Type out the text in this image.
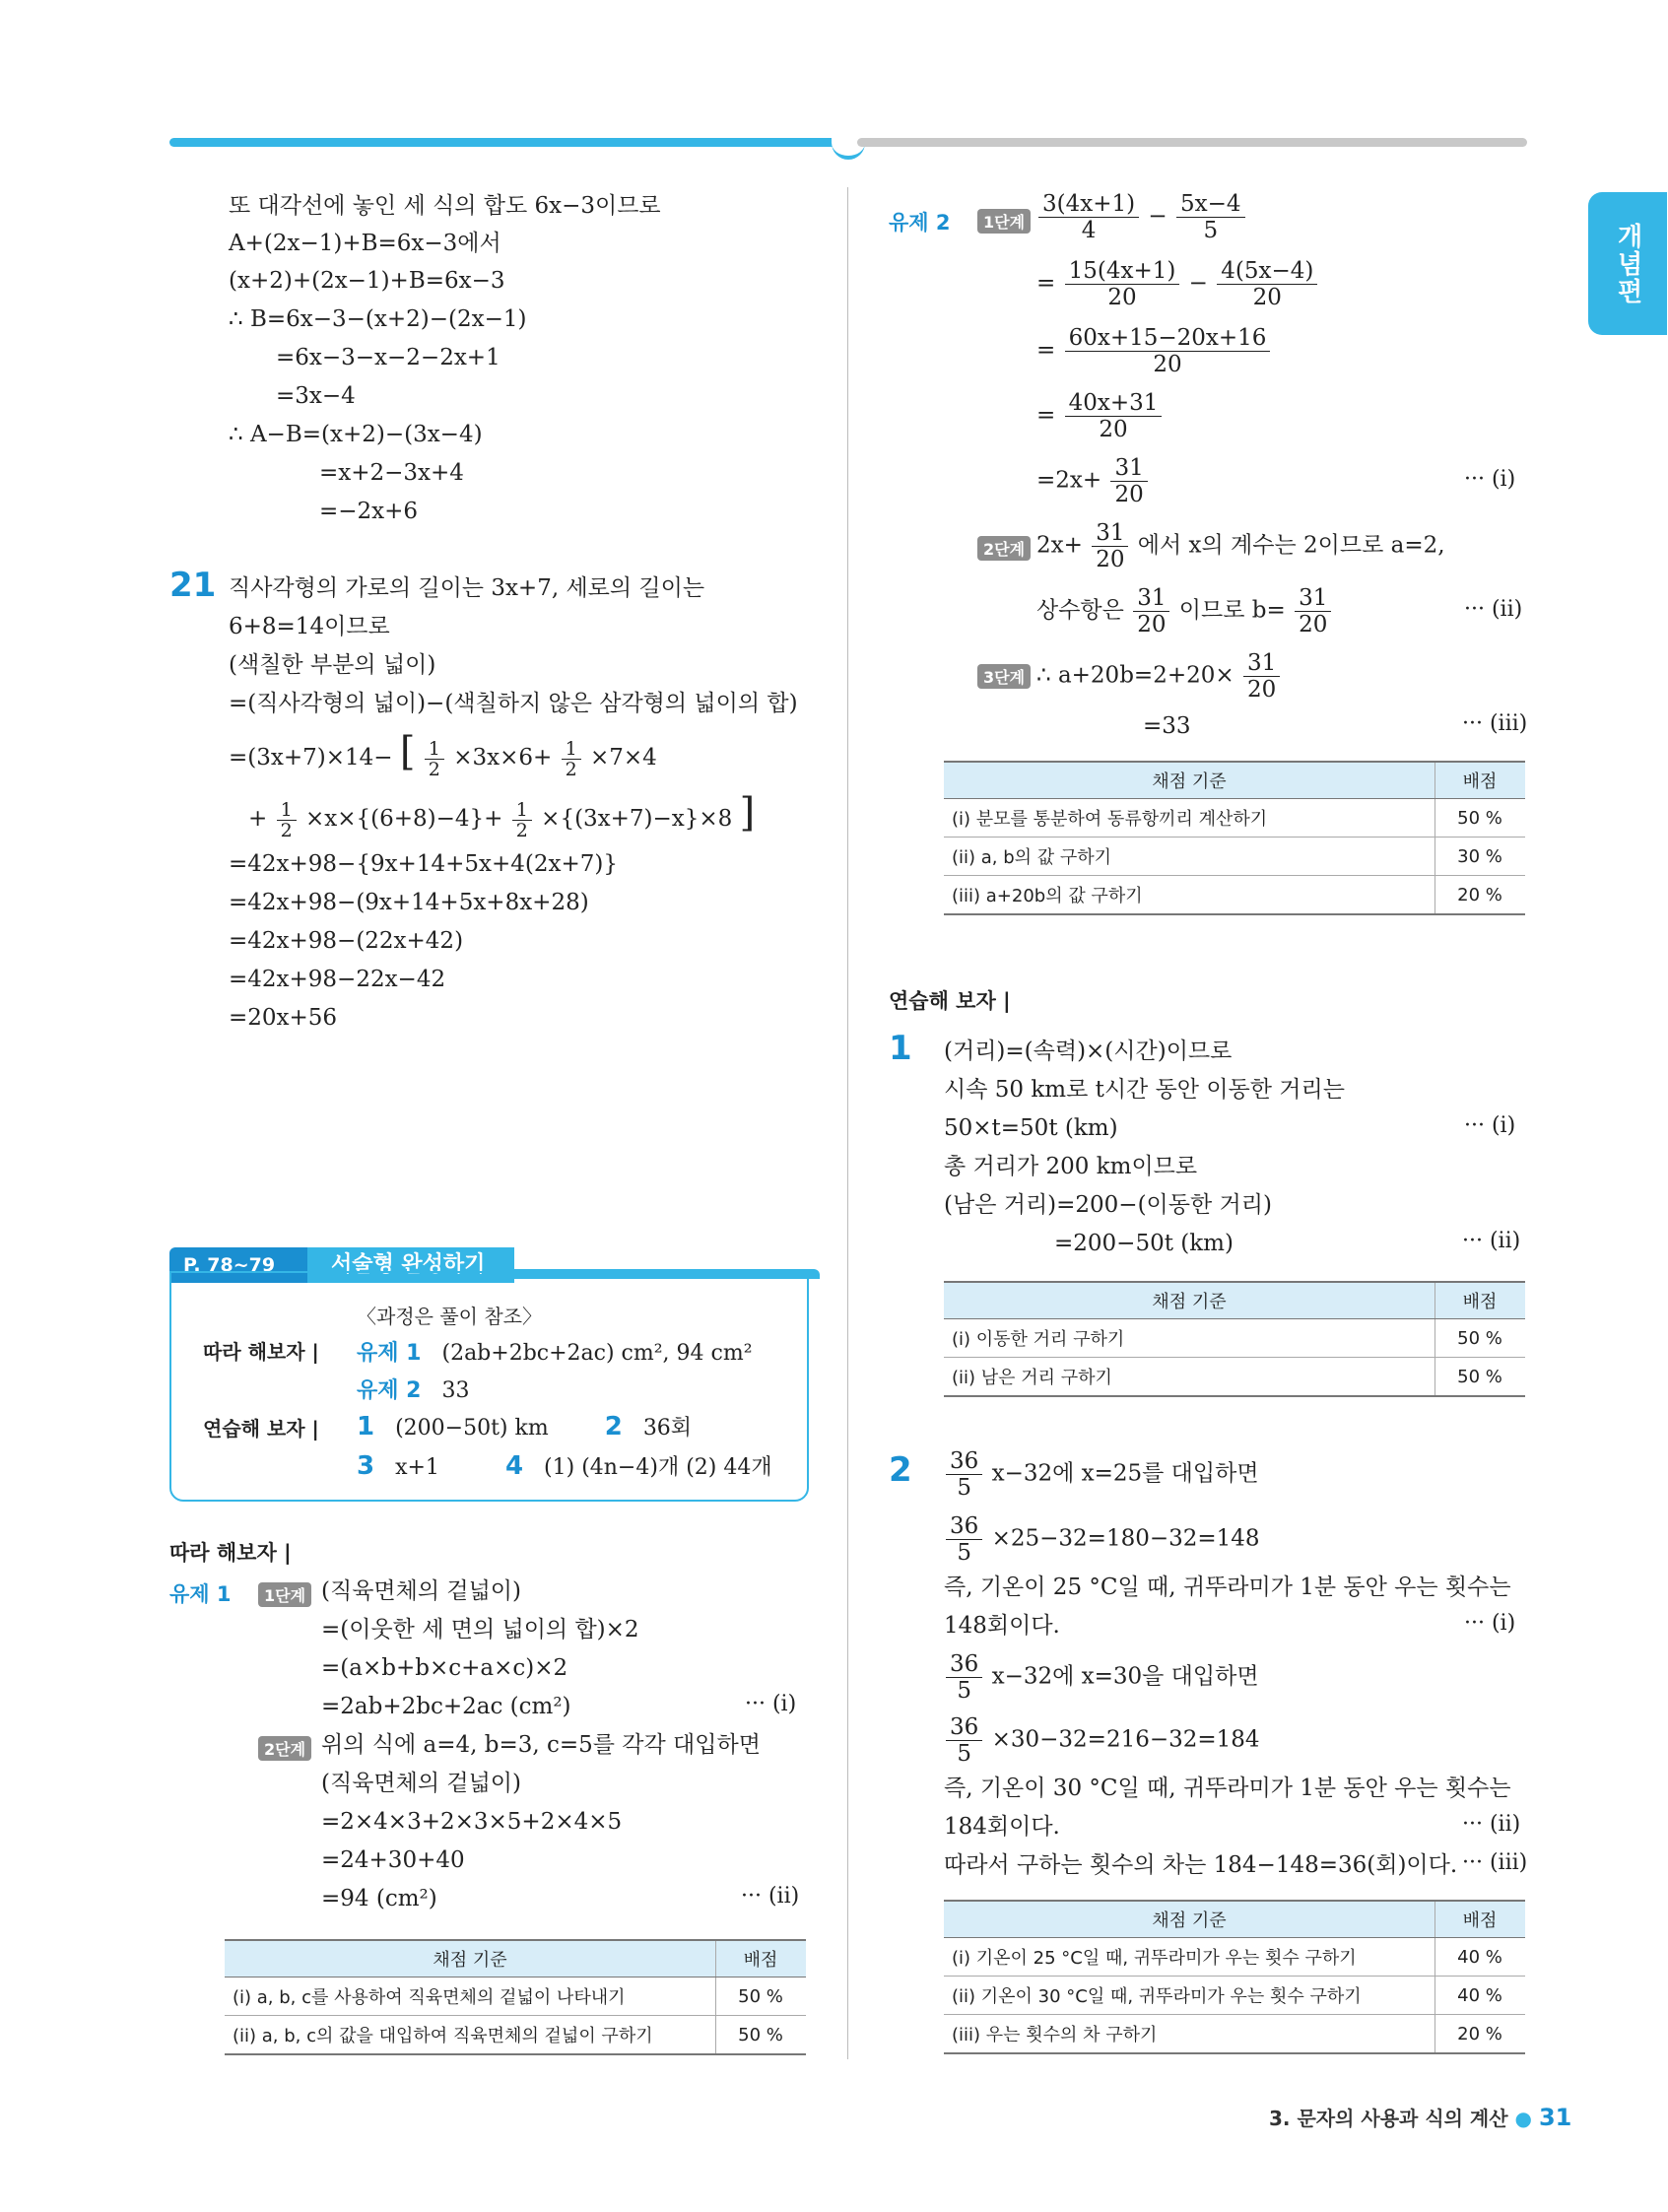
개념편
또 대각선에 놓인 세 식의 합도 6x−3이므로
A+(2x−1)+B=6x−3에서
(x+2)+(2x−1)+B=6x−3
∴ B=6x−3−(x+2)−(2x−1)
=6x−3−x−2−2x+1
=3x−4
∴ A−B=(x+2)−(3x−4)
=x+2−3x+4
=−2x+6
21 직사각형의 가로의 길이는 3x+7, 세로의 길이는
6+8=14이므로
(색칠한 부분의 넓이)
=(직사각형의 넓이)−(색칠하지 않은 삼각형의 넓이의 합)
=(3x+7)×14− [ $\frac{1}{2} \times 3x\times 6+ \frac{1}{2} \times 7\times 4$
+ $\frac{1}{2} \times x\times\{(6+8)-4\}+ \frac{1}{2} \times\{(3x+7)-x\}\times 8$ ]
=42x+98−{9x+14+5x+4(2x+7)}
=42x+98−(9x+14+5x+8x+28)
=42x+98−(22x+42)
=42x+98−22x−42
=20x+56
P. 78~79	서술형 완성하기
〈과정은 풀이 참조〉
따라 해보자 | 유제 1 (2ab+2bc+2ac) cm², 94 cm²
유제 2 33
연습해 보자 | 1 (200−50t) km 2 36회
3 x+1	4 (1) (4n−4)개 (2) 44개
따라 해보자 |
유제 1	1단계 (직육면체의 겉넓이)
=(이웃한 세 면의 넓이의 합)×2
=(a×b+b×c+a×c)×2
=2ab+2bc+2ac (cm²)	··· (i)
2단계 위의 식에 a=4, b=3, c=5를 각각 대입하면
(직육면체의 겉넓이)
=2×4×3+2×3×5+2×4×5
=24+30+40
=94 (cm²)	··· (ii)
채점 기준	배점
(i) a, b, c를 사용하여 직육면체의 겉넓이 나타내기	50 %
(ii) a, b, c의 값을 대입하여 직육면체의 겉넓이 구하기	50 %
유제 2	1단계 $\frac{3(4x+1)}{4} - \frac{5x-4}{5}$
= $\frac{15(4x+1)}{20} - \frac{4(5x-4)}{20}$
= $\frac{60x+15-20x+16}{20}$
= $\frac{40x+31}{20}$
$=2x+ \frac{31}{20}$	··· (i)
2단계 $2x+ \frac{31}{20}$ 에서 x의 계수는 2이므로 a=2,
상수항은 $\frac{31}{20}$ 이므로 $b= \frac{31}{20}$	··· (ii)
3단계 ∴ $a+20b=2+20\times \frac{31}{20}$
=33	··· (iii)
채점 기준	배점
(i) 분모를 통분하여 동류항끼리 계산하기	50 %
(ii) a, b의 값 구하기	30 %
(iii) a+20b의 값 구하기	20 %
연습해 보자 |
1 (거리)=(속력)×(시간)이므로
시속 50 km로 t시간 동안 이동한 거리는
50×t=50t (km)	··· (i)
총 거리가 200 km이므로
(남은 거리)=200−(이동한 거리)
=200−50t (km)	··· (ii)
채점 기준	배점
(i) 이동한 거리 구하기	50 %
(ii) 남은 거리 구하기	50 %
$2 \frac{36}{5} x-32$에 x=25를 대입하면
$\frac{36}{5} \times 25-32=180-32=148$
즉, 기온이 25 °C일 때, 귀뚜라미가 1분 동안 우는 횟수는
148회이다.	··· (i)
$\frac{36}{5} x-32$에 x=30을 대입하면
$\frac{36}{5} \times 30-32=216-32=184$
즉, 기온이 30 °C일 때, 귀뚜라미가 1분 동안 우는 횟수는
184회이다.	··· (ii)
따라서 구하는 횟수의 차는 184−148=36(회)이다. ··· (iii)
채점 기준	배점
(i) 기온이 25 °C일 때, 귀뚜라미가 우는 횟수 구하기	40 %
(ii) 기온이 30 °C일 때, 귀뚜라미가 우는 횟수 구하기	40 %
(iii) 우는 횟수의 차 구하기	20 %
3. 문자의 사용과 식의 계산 ● 31
